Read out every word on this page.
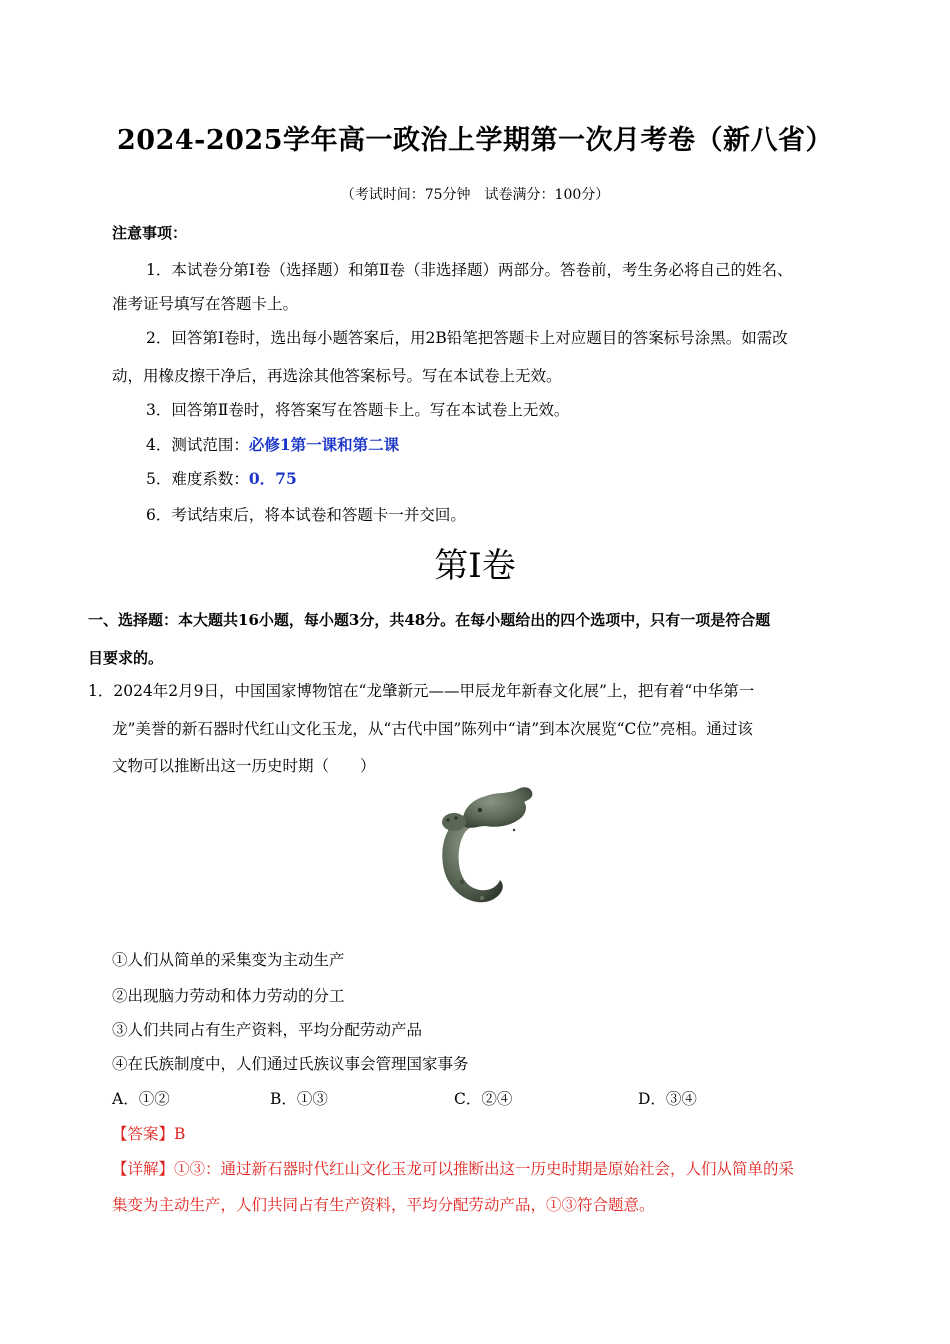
2024-2025学年高一政治上学期第一次月考卷（新八省）
（考试时间：75分钟　试卷满分：100分）
注意事项：
1．本试卷分第Ⅰ卷（选择题）和第Ⅱ卷（非选择题）两部分。答卷前，考生务必将自己的姓名、
准考证号填写在答题卡上。
2．回答第Ⅰ卷时，选出每小题答案后，用2B铅笔把答题卡上对应题目的答案标号涂黑。如需改
动，用橡皮擦干净后，再选涂其他答案标号。写在本试卷上无效。
3．回答第Ⅱ卷时，将答案写在答题卡上。写在本试卷上无效。
4．测试范围：必修1第一课和第二课
5．难度系数：0．75
6．考试结束后，将本试卷和答题卡一并交回。
第Ⅰ卷
一、选择题：本大题共16小题，每小题3分，共48分。在每小题给出的四个选项中，只有一项是符合题
目要求的。
1．2024年2月9日，中国国家博物馆在“龙肇新元——甲辰龙年新春文化展”上，把有着“中华第一
龙”美誉的新石器时代红山文化玉龙，从“古代中国”陈列中“请”到本次展览“C位”亮相。通过该
文物可以推断出这一历史时期（　　）
①人们从简单的采集变为主动生产
②出现脑力劳动和体力劳动的分工
③人们共同占有生产资料，平均分配劳动产品
④在氏族制度中，人们通过氏族议事会管理国家事务
A．①②	B．①③	C．②④	D．③④
【答案】B
【详解】①③：通过新石器时代红山文化玉龙可以推断出这一历史时期是原始社会，人们从简单的采
集变为主动生产，人们共同占有生产资料，平均分配劳动产品，①③符合题意。
